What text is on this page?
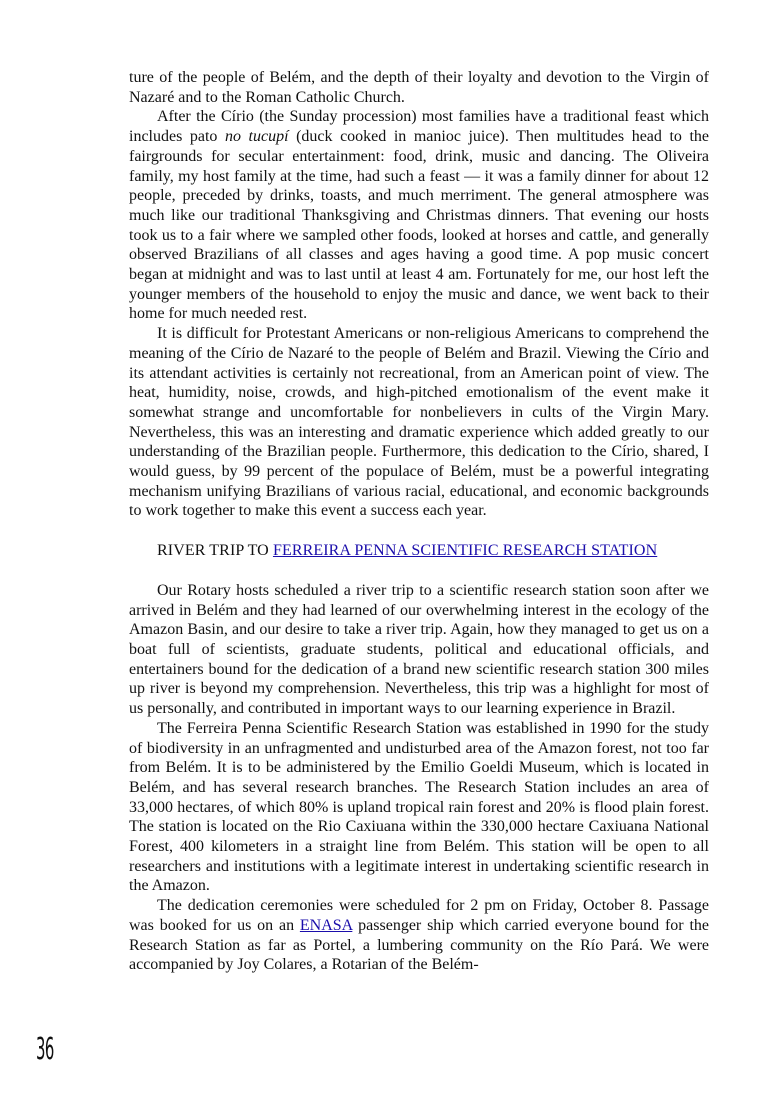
ture of the people of Belém, and the depth of their loyalty and devotion to the Virgin of Nazaré and to the Roman Catholic Church.

After the Círio (the Sunday procession) most families have a traditional feast which includes pato no tucupí (duck cooked in manioc juice). Then multitudes head to the fairgrounds for secular entertainment: food, drink, music and dancing. The Oliveira family, my host family at the time, had such a feast — it was a family dinner for about 12 people, preceded by drinks, toasts, and much merriment. The general atmosphere was much like our traditional Thanksgiving and Christmas dinners. That evening our hosts took us to a fair where we sampled other foods, looked at horses and cattle, and generally observed Brazilians of all classes and ages having a good time. A pop music concert began at midnight and was to last until at least 4 am. Fortunately for me, our host left the younger members of the household to enjoy the music and dance, we went back to their home for much needed rest.

It is difficult for Protestant Americans or non-religious Americans to comprehend the meaning of the Círio de Nazaré to the people of Belém and Brazil. Viewing the Círio and its attendant activities is certainly not recreational, from an American point of view. The heat, humidity, noise, crowds, and high-pitched emotionalism of the event make it somewhat strange and uncomfortable for nonbelievers in cults of the Virgin Mary. Nevertheless, this was an interesting and dramatic experience which added greatly to our understanding of the Brazilian people. Furthermore, this dedication to the Círio, shared, I would guess, by 99 percent of the populace of Belém, must be a powerful integrating mechanism unifying Brazilians of various racial, educational, and economic backgrounds to work together to make this event a success each year.

RIVER TRIP TO FERREIRA PENNA SCIENTIFIC RESEARCH STATION

Our Rotary hosts scheduled a river trip to a scientific research station soon after we arrived in Belém and they had learned of our overwhelming interest in the ecology of the Amazon Basin, and our desire to take a river trip. Again, how they managed to get us on a boat full of scientists, graduate students, political and educational officials, and entertainers bound for the dedication of a brand new scientific research station 300 miles up river is beyond my comprehension. Nevertheless, this trip was a highlight for most of us personally, and contributed in important ways to our learning experience in Brazil.

The Ferreira Penna Scientific Research Station was established in 1990 for the study of biodiversity in an unfragmented and undisturbed area of the Amazon forest, not too far from Belém. It is to be administered by the Emilio Goeldi Museum, which is located in Belém, and has several research branches. The Research Station includes an area of 33,000 hectares, of which 80% is upland tropical rain forest and 20% is flood plain forest. The station is located on the Rio Caxiuana within the 330,000 hectare Caxiuana National Forest, 400 kilometers in a straight line from Belém. This station will be open to all researchers and institutions with a legitimate interest in undertaking scientific research in the Amazon.

The dedication ceremonies were scheduled for 2 pm on Friday, October 8. Passage was booked for us on an ENASA passenger ship which carried everyone bound for the Research Station as far as Portel, a lumbering community on the Río Pará. We were accompanied by Joy Colares, a Rotarian of the Belém-

36
